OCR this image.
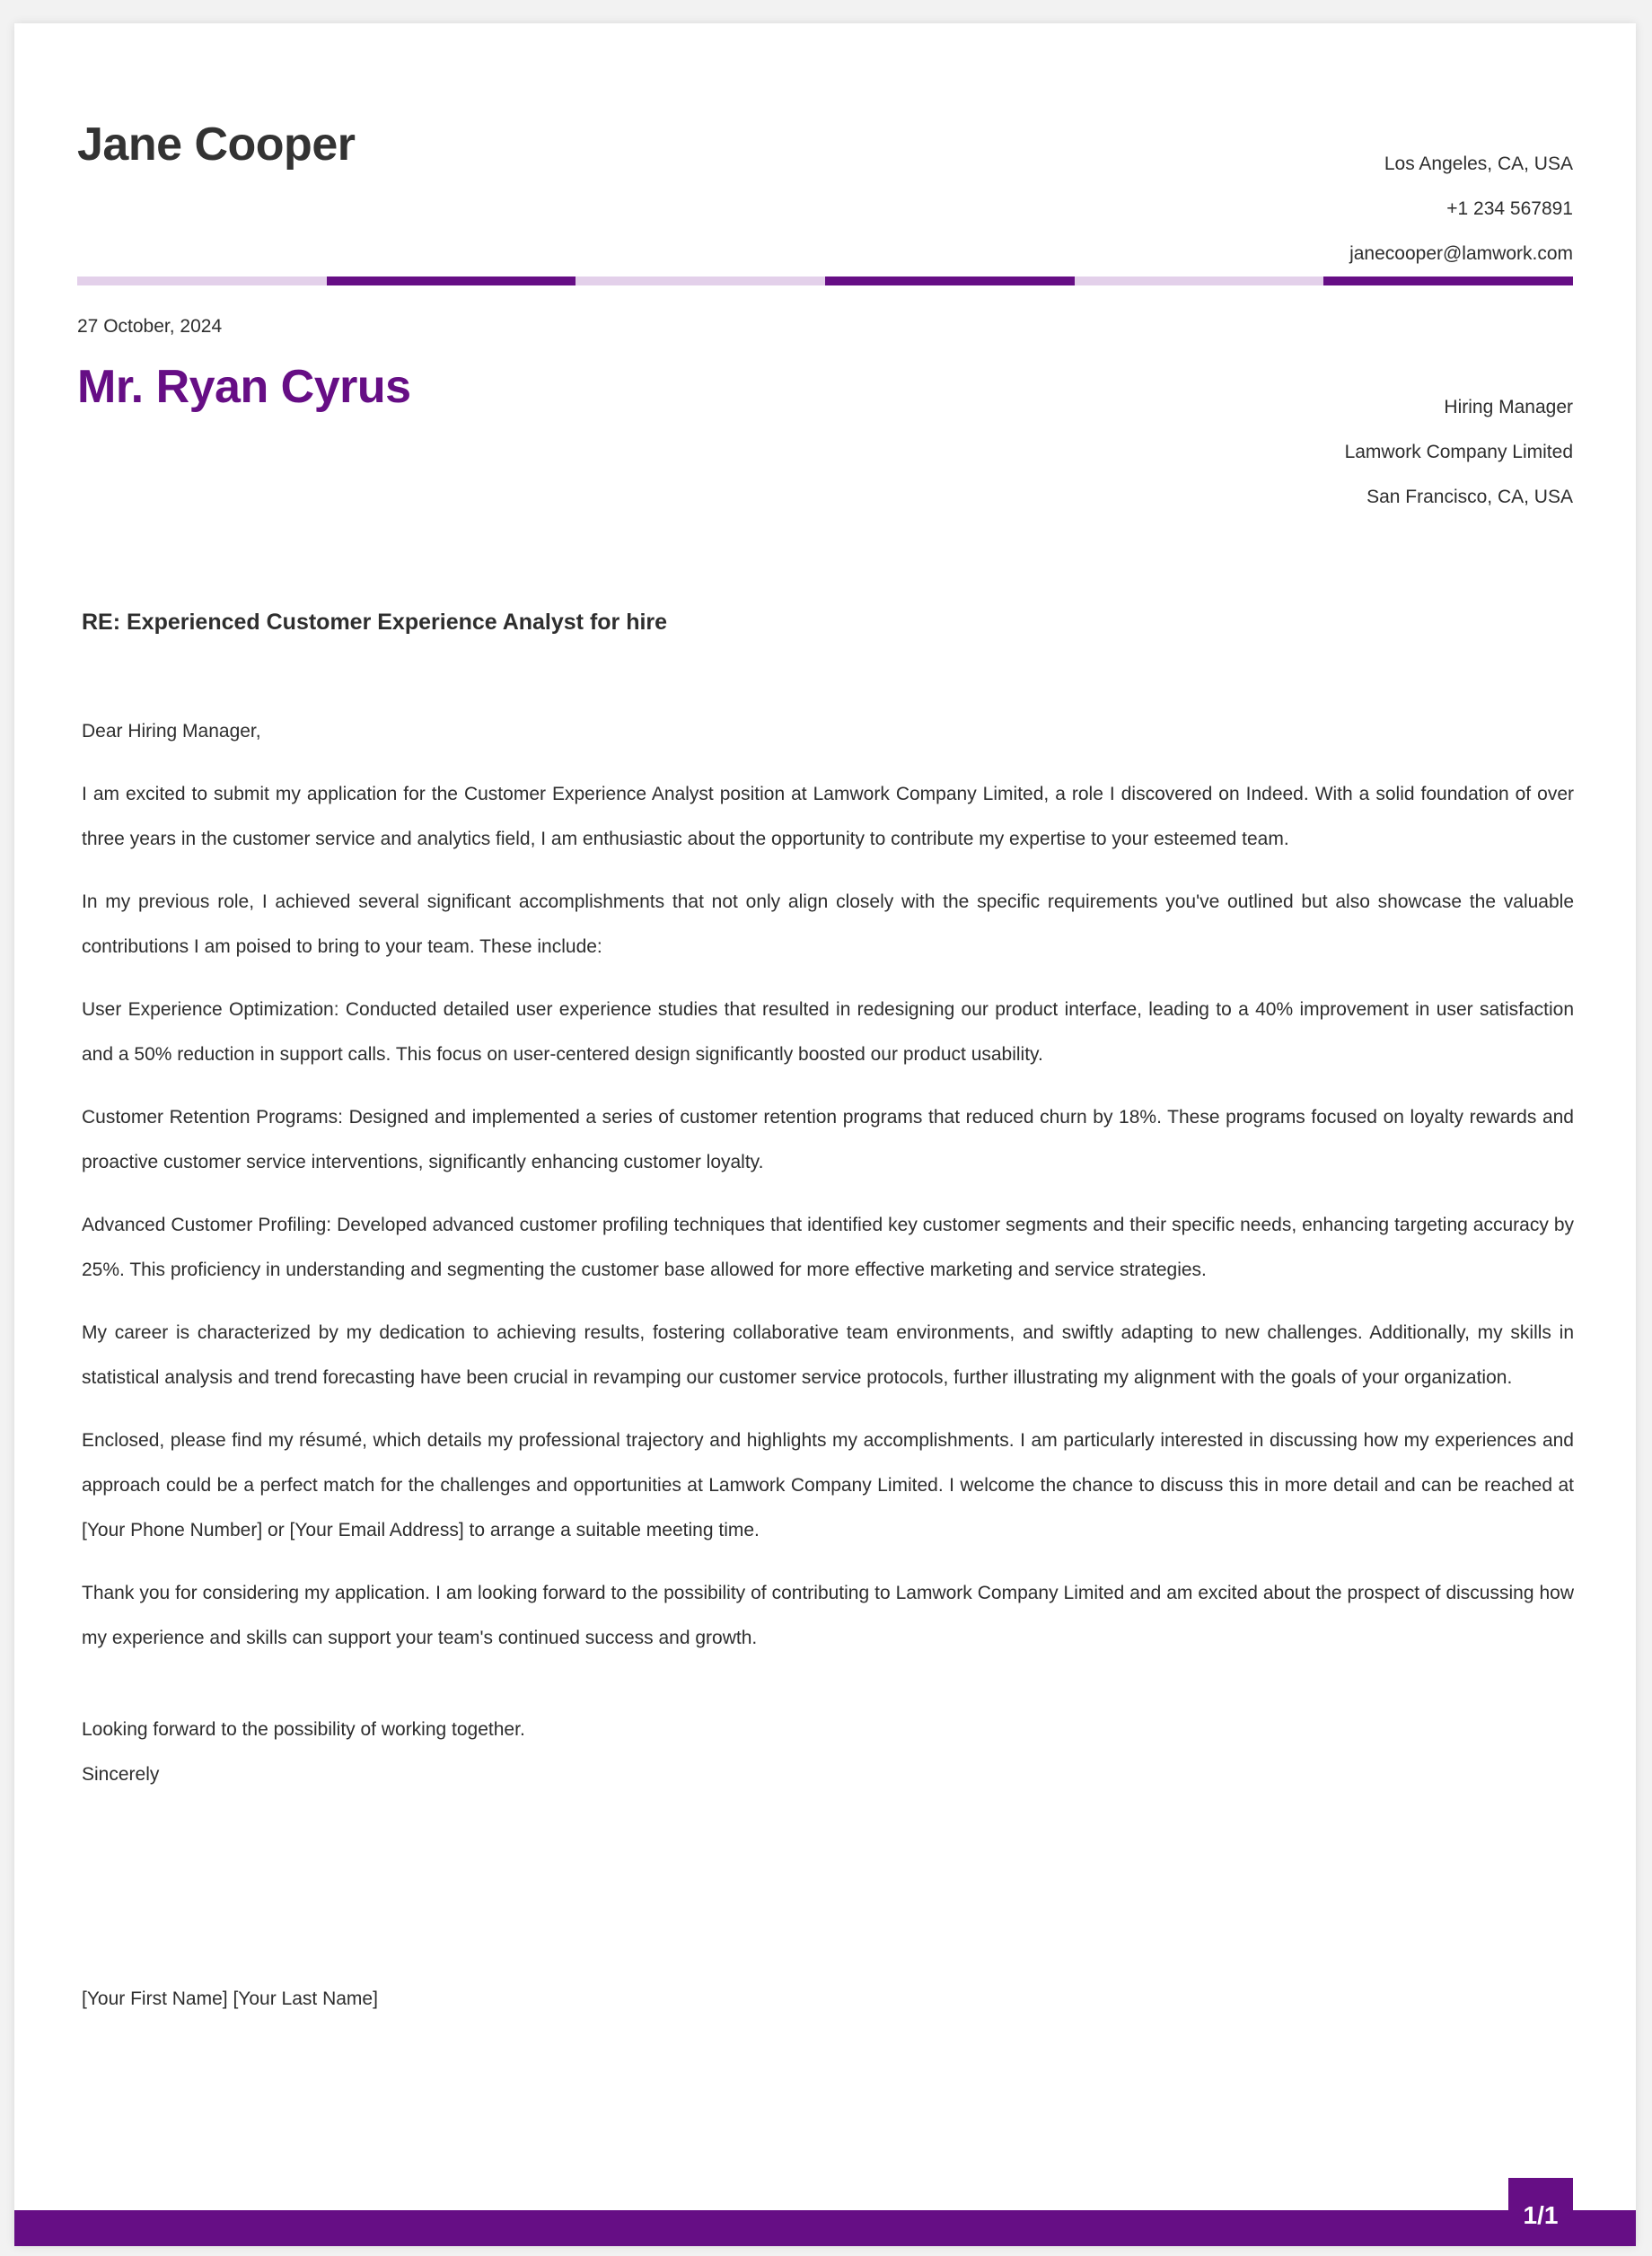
Jane Cooper	Los Angeles, CA, USA
+1 234 567891
janecooper@lamwork.com
27 October, 2024
Mr. Ryan Cyrus	Hiring Manager
Lamwork Company Limited
San Francisco, CA, USA
RE: Experienced Customer Experience Analyst for hire

Dear Hiring Manager,

I am excited to submit my application for the Customer Experience Analyst position at Lamwork Company Limited, a role I discovered on Indeed. With a solid foundation of over three years in the customer service and analytics field, I am enthusiastic about the opportunity to contribute my expertise to your esteemed team.

In my previous role, I achieved several significant accomplishments that not only align closely with the specific requirements you've outlined but also showcase the valuable contributions I am poised to bring to your team. These include:

User Experience Optimization: Conducted detailed user experience studies that resulted in redesigning our product interface, leading to a 40% improvement in user satisfaction and a 50% reduction in support calls. This focus on user-centered design significantly boosted our product usability.

Customer Retention Programs: Designed and implemented a series of customer retention programs that reduced churn by 18%. These programs focused on loyalty rewards and proactive customer service interventions, significantly enhancing customer loyalty.

Advanced Customer Profiling: Developed advanced customer profiling techniques that identified key customer segments and their specific needs, enhancing targeting accuracy by 25%. This proficiency in understanding and segmenting the customer base allowed for more effective marketing and service strategies.

My career is characterized by my dedication to achieving results, fostering collaborative team environments, and swiftly adapting to new challenges. Additionally, my skills in statistical analysis and trend forecasting have been crucial in revamping our customer service protocols, further illustrating my alignment with the goals of your organization.

Enclosed, please find my résumé, which details my professional trajectory and highlights my accomplishments. I am particularly interested in discussing how my experiences and approach could be a perfect match for the challenges and opportunities at Lamwork Company Limited. I welcome the chance to discuss this in more detail and can be reached at [Your Phone Number] or [Your Email Address] to arrange a suitable meeting time.

Thank you for considering my application. I am looking forward to the possibility of contributing to Lamwork Company Limited and am excited about the prospect of discussing how my experience and skills can support your team's continued success and growth.

Looking forward to the possibility of working together.
Sincerely
[Your First Name] [Your Last Name]
1/1
